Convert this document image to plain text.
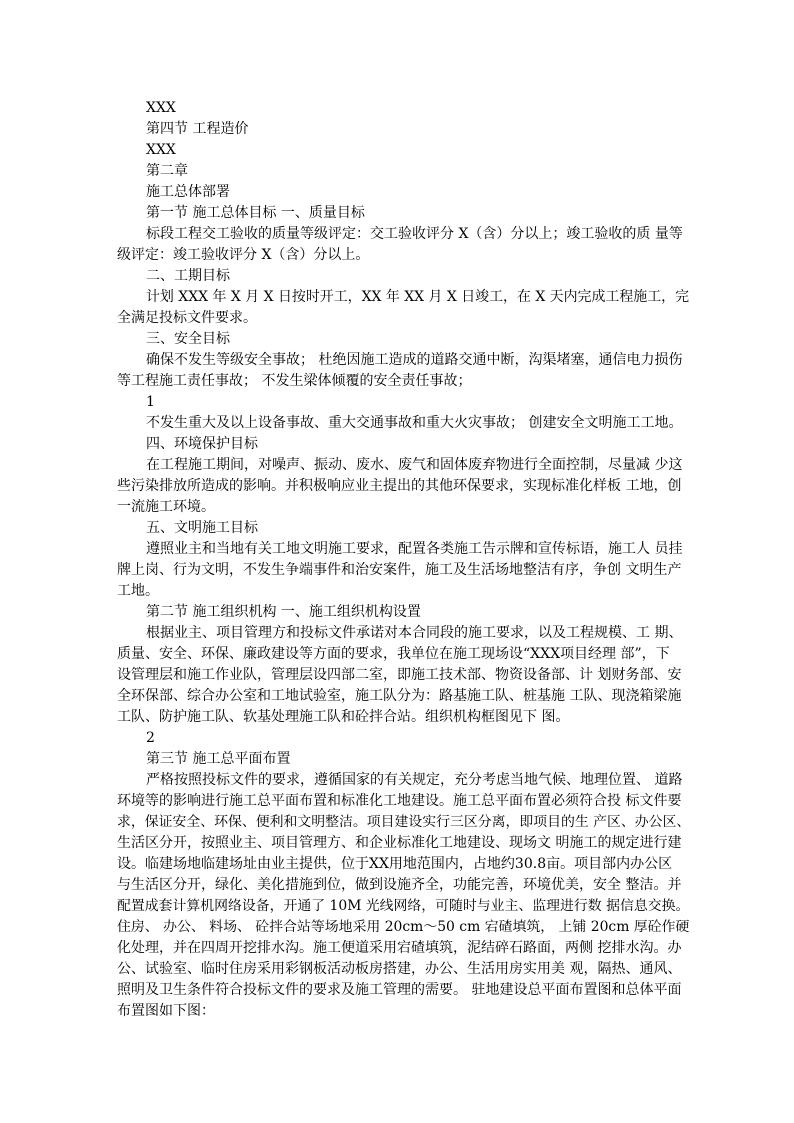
XXX
第四节 工程造价
XXX
第二章
施工总体部署
第一节 施工总体目标 一、质量目标
标段工程交工验收的质量等级评定：交工验收评分 X（含）分以上；竣工验收的质 量等
级评定：竣工验收评分 X（含）分以上。
二、工期目标
计划 XXX 年 X 月 X 日按时开工，XX 年 XX 月 X 日竣工，在 X 天内完成工程施工，完
全满足投标文件要求。
三、安全目标
确保不发生等级安全事故； 杜绝因施工造成的道路交通中断，沟渠堵塞，通信电力损伤
等工程施工责任事故； 不发生梁体倾覆的安全责任事故；
1
不发生重大及以上设备事故、重大交通事故和重大火灾事故； 创建安全文明施工工地。
四、环境保护目标
在工程施工期间，对噪声、振动、废水、废气和固体废弃物进行全面控制，尽量减 少这
些污染排放所造成的影响。并积极响应业主提出的其他环保要求，实现标准化样板 工地，创
一流施工环境。
五、文明施工目标
遵照业主和当地有关工地文明施工要求，配置各类施工告示牌和宣传标语，施工人 员挂
牌上岗、行为文明，不发生争端事件和治安案件，施工及生活场地整洁有序，争创 文明生产
工地。
第二节 施工组织机构 一、施工组织机构设置
根据业主、项目管理方和投标文件承诺对本合同段的施工要求，以及工程规模、工 期、
质量、安全、环保、廉政建设等方面的要求，我单位在施工现场设“XXX项目经理 部”，下
设管理层和施工作业队，管理层设四部二室，即施工技术部、物资设备部、计 划财务部、安
全环保部、综合办公室和工地试验室，施工队分为：路基施工队、桩基施 工队、现浇箱梁施
工队、防护施工队、软基处理施工队和砼拌合站。组织机构框图见下 图。
2
第三节 施工总平面布置
严格按照投标文件的要求，遵循国家的有关规定，充分考虑当地气候、地理位置、 道路
环境等的影响进行施工总平面布置和标准化工地建设。施工总平面布置必须符合投 标文件要
求，保证安全、环保、便利和文明整洁。项目建设实行三区分离，即项目的生 产区、办公区、
生活区分开，按照业主、项目管理方、和企业标准化工地建设、现场文 明施工的规定进行建
设。临建场地临建场址由业主提供，位于XX用地范围内，占地约30.8亩。项目部内办公区
与生活区分开，绿化、美化措施到位，做到设施齐全，功能完善，环境优美，安全 整洁。并
配置成套计算机网络设备，开通了 10M 光线网络，可随时与业主、监理进行数 据信息交换。
住房、 办公、 料场、 砼拌合站等场地采用 20cm～50 cm 宕碴填筑， 上铺 20cm 厚砼作硬
化处理，并在四周开挖排水沟。施工便道采用宕碴填筑，泥结碎石路面，两侧 挖排水沟。办
公、试验室、临时住房采用彩钢板活动板房搭建，办公、生活用房实用美 观，隔热、通风、
照明及卫生条件符合投标文件的要求及施工管理的需要。 驻地建设总平面布置图和总体平面
布置图如下图：
